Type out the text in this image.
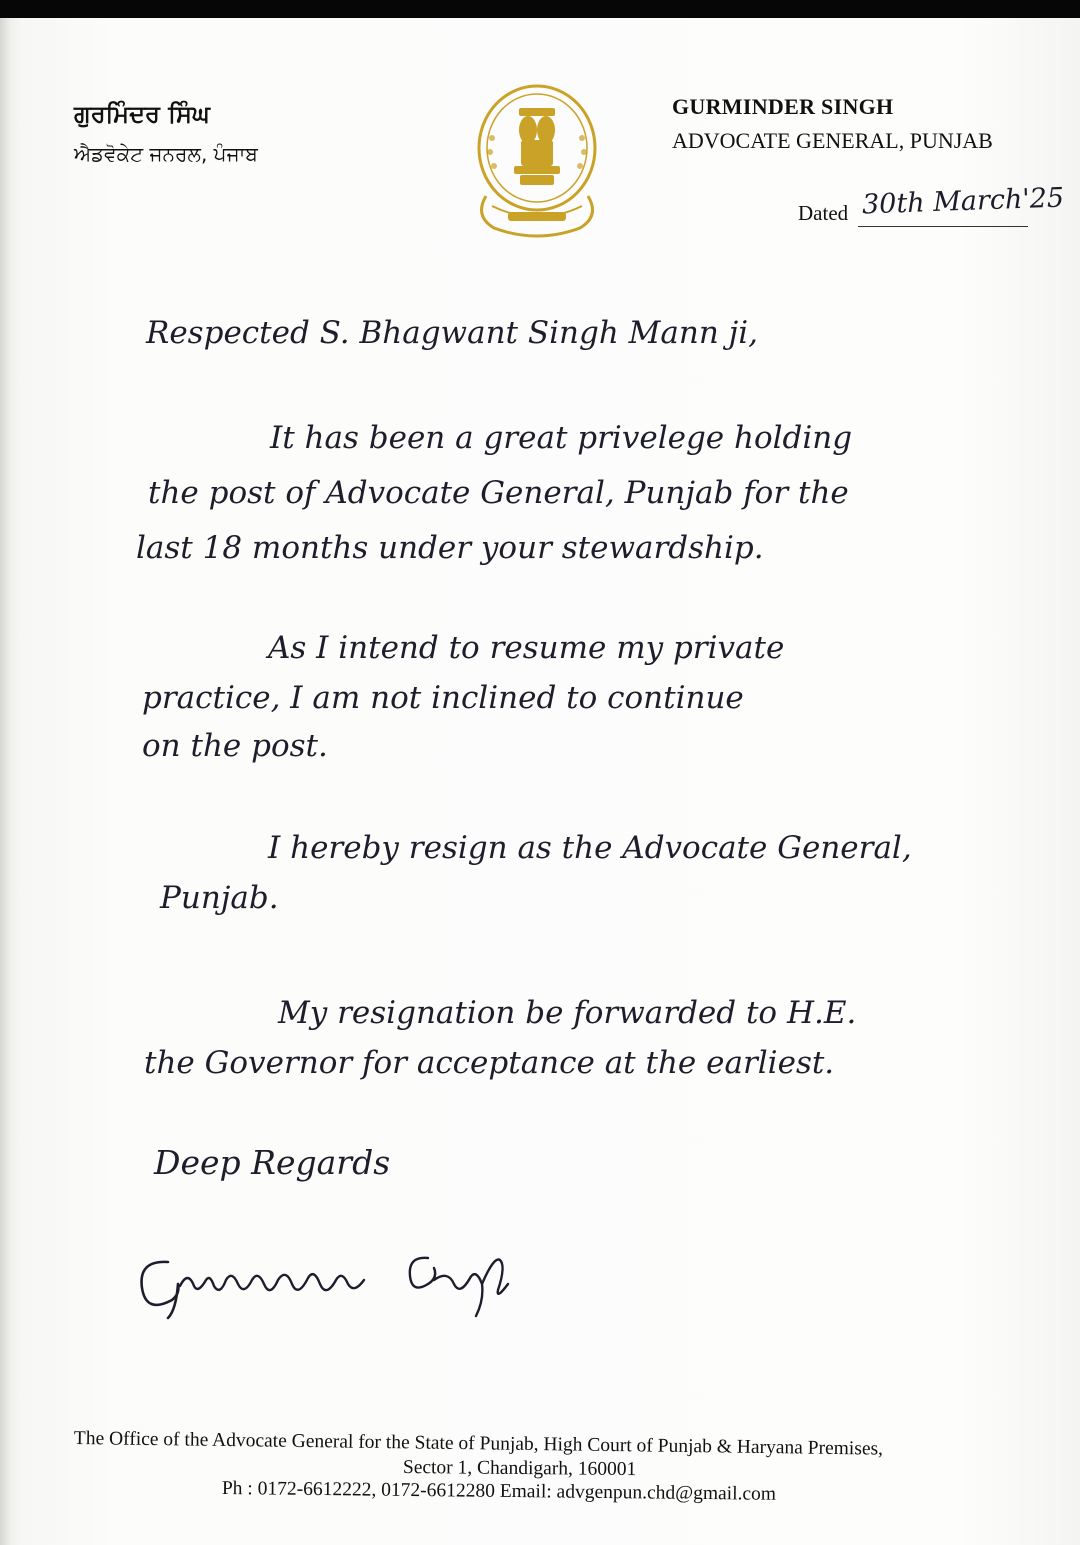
ਗੁਰਮਿੰਦਰ ਸਿੰਘ
ਐਡਵੋਕੇਟ ਜਨਰਲ, ਪੰਜਾਬ
GURMINDER SINGH
ADVOCATE GENERAL, PUNJAB
Dated 30th March'25
Respected S. Bhagwant Singh Mann ji,
It has been a great privelege holding
the post of Advocate General, Punjab for the
last 18 months under your stewardship.
As I intend to resume my private
practice, I am not inclined to continue
on the post.
I hereby resign as the Advocate General,
Punjab.
My resignation be forwarded to H.E.
the Governor for acceptance at the earliest.
Deep Regards
The Office of the Advocate General for the State of Punjab, High Court of Punjab & Haryana Premises,
Sector 1, Chandigarh, 160001
Ph : 0172-6612222, 0172-6612280 Email: advgenpun.chd@gmail.com
